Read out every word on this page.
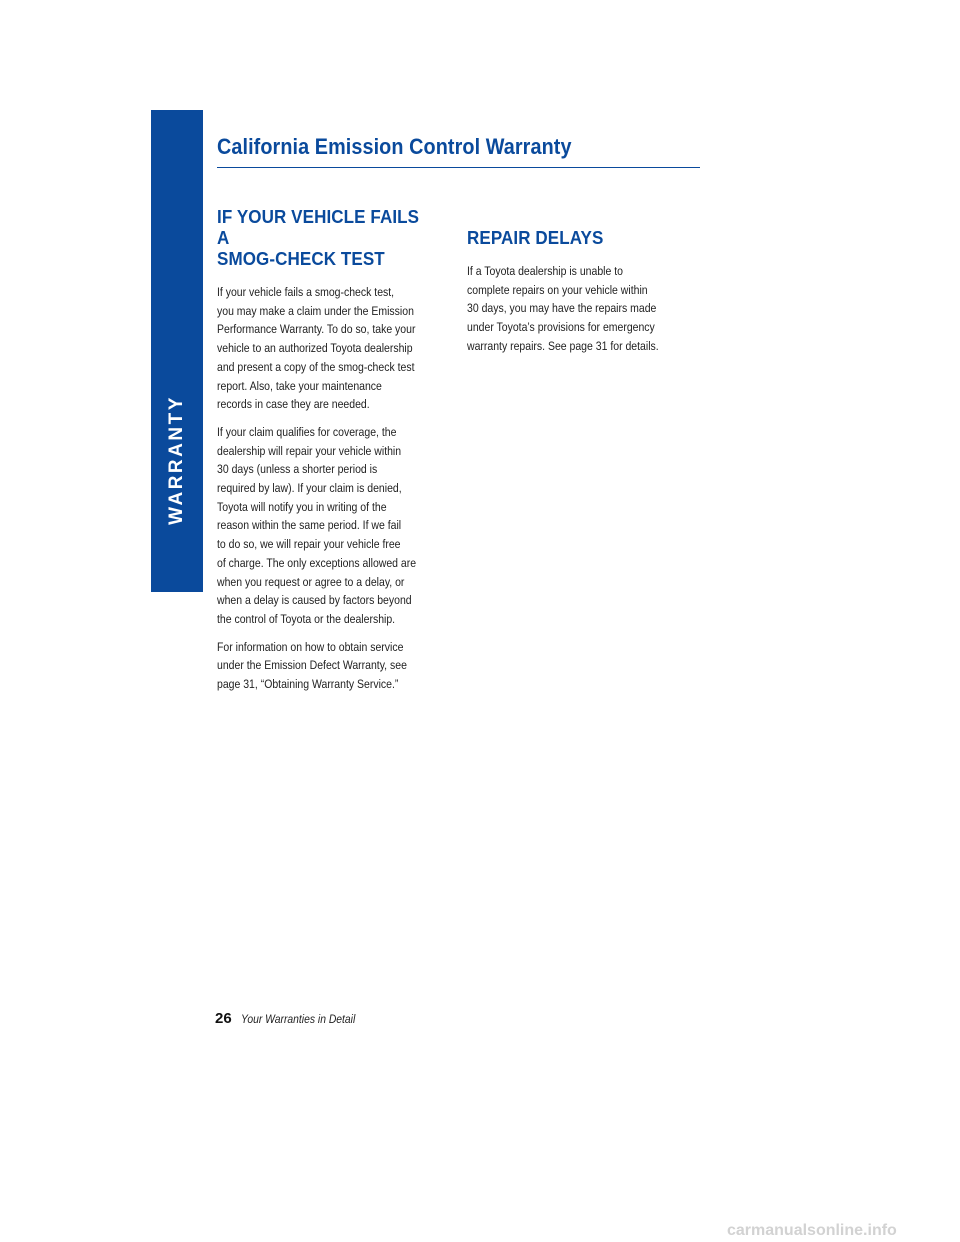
WARRANTY
California Emission Control Warranty
IF YOUR VEHICLE FAILS A
SMOG-CHECK TEST

If your vehicle fails a smog-check test,
you may make a claim under the Emission
Performance Warranty. To do so, take your
vehicle to an authorized Toyota dealership
and present a copy of the smog-check test
report. Also, take your maintenance
records in case they are needed.

If your claim qualifies for coverage, the
dealership will repair your vehicle within
30 days (unless a shorter period is
required by law). If your claim is denied,
Toyota will notify you in writing of the
reason within the same period. If we fail
to do so, we will repair your vehicle free
of charge. The only exceptions allowed are
when you request or agree to a delay, or
when a delay is caused by factors beyond
the control of Toyota or the dealership.

For information on how to obtain service
under the Emission Defect Warranty, see
page 31, “Obtaining Warranty Service.”

REPAIR DELAYS

If a Toyota dealership is unable to
complete repairs on your vehicle within
30 days, you may have the repairs made
under Toyota’s provisions for emergency
warranty repairs. See page 31 for details.

26 Your Warranties in Detail
carmanualsonline.info
